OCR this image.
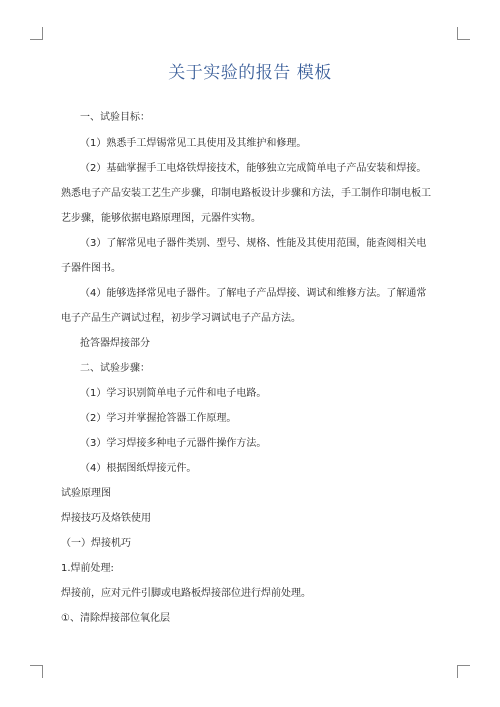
关于实验的报告 模板
一、试验目标：
（1）熟悉手工焊锡常见工具使用及其维护和修理。
（2）基础掌握手工电烙铁焊接技术，能够独立完成简单电子产品安装和焊接。
熟悉电子产品安装工艺生产步骤，印制电路板设计步骤和方法，手工制作印制电板工
艺步骤，能够依据电路原理图，元器件实物。
（3）了解常见电子器件类别、型号、规格、性能及其使用范围，能查阅相关电
子器件图书。
（4）能够选择常见电子器件。了解电子产品焊接、调试和维修方法。了解通常
电子产品生产调试过程，初步学习调试电子产品方法。
抢答器焊接部分
二、试验步骤：
（1）学习识别简单电子元件和电子电路。
（2）学习并掌握抢答器工作原理。
（3）学习焊接多种电子元器件操作方法。
（4）根据图纸焊接元件。
试验原理图
焊接技巧及烙铁使用
（一）焊接机巧
1.焊前处理:
焊接前，应对元件引脚或电路板焊接部位进行焊前处理。
①、清除焊接部位氧化层
